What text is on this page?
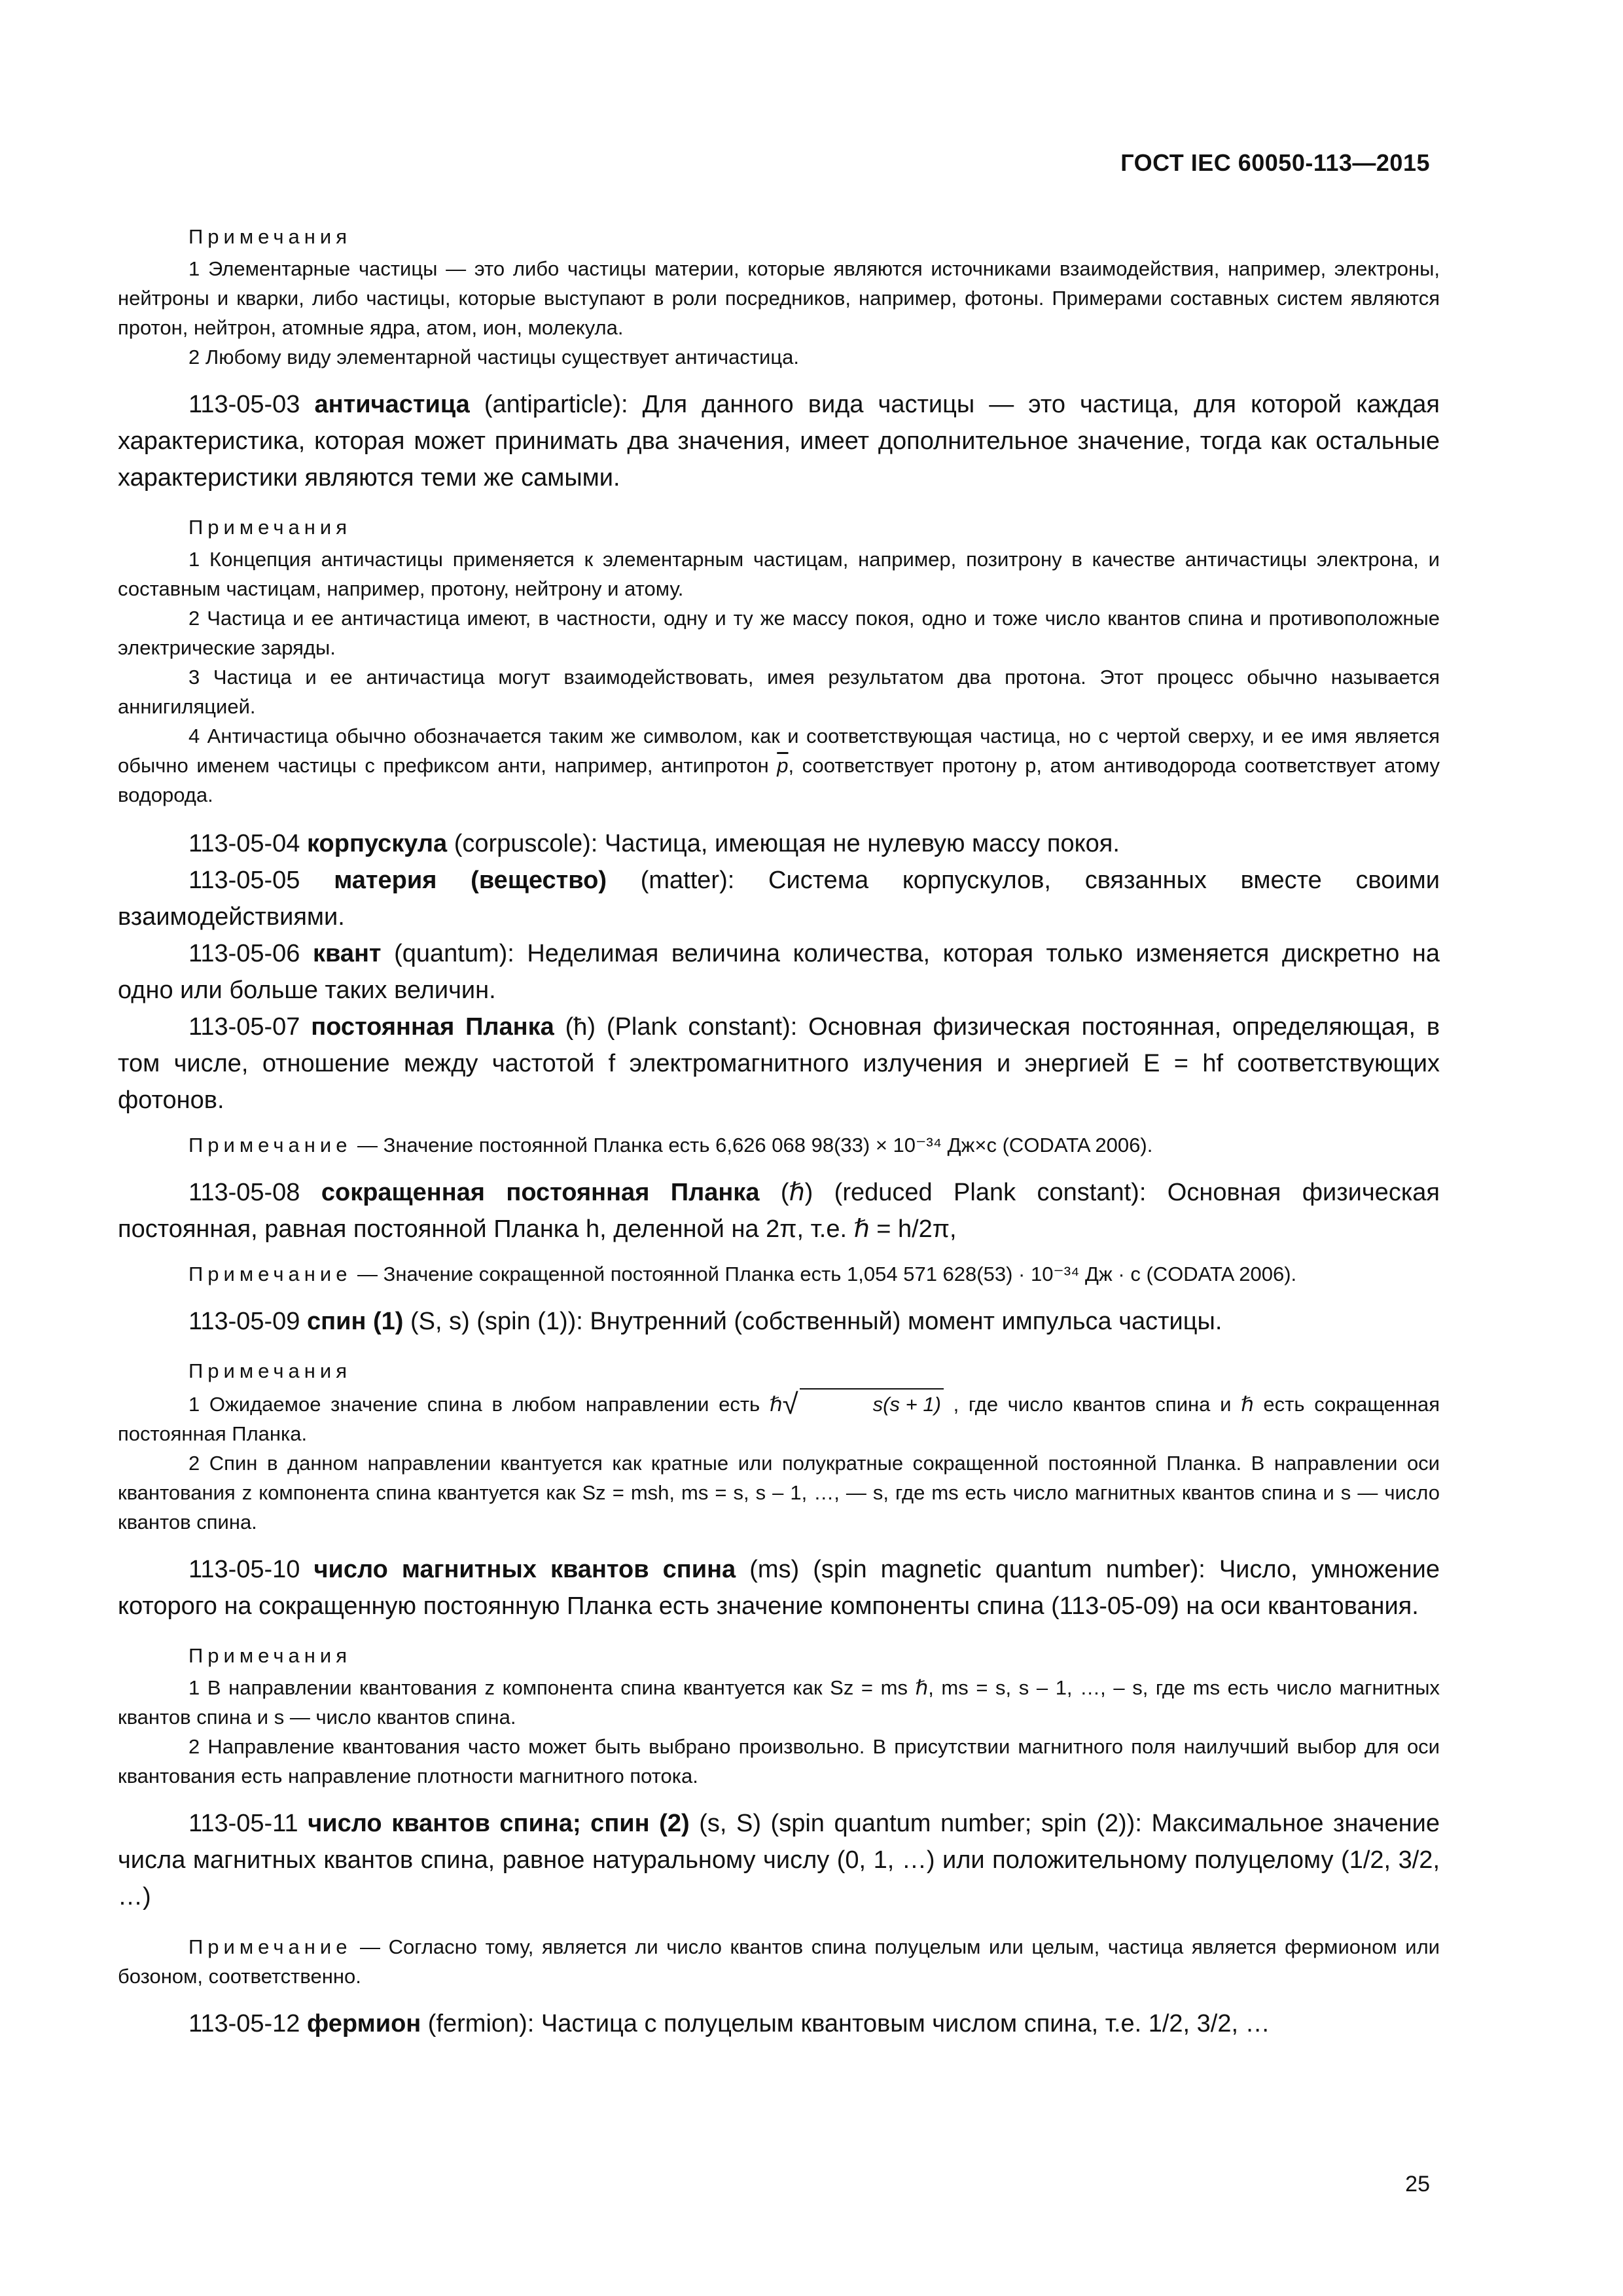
ГОСТ IEC 60050-113—2015
Примечания

1 Элементарные частицы — это либо частицы материи, которые являются источниками взаимодействия, например, электроны, нейтроны и кварки, либо частицы, которые выступают в роли посредников, например, фотоны. Примерами составных систем являются протон, нейтрон, атомные ядра, атом, ион, молекула.

2 Любому виду элементарной частицы существует античастица.

113-05-03 античастица (antiparticle): Для данного вида частицы — это частица, для которой каждая характеристика, которая может принимать два значения, имеет дополнительное значение, тогда как остальные характеристики являются теми же самыми.

Примечания

1 Концепция античастицы применяется к элементарным частицам, например, позитрону в качестве античастицы электрона, и составным частицам, например, протону, нейтрону и атому.

2 Частица и ее античастица имеют, в частности, одну и ту же массу покоя, одно и тоже число квантов спина и противоположные электрические заряды.

3 Частица и ее античастица могут взаимодействовать, имея результатом два протона. Этот процесс обычно называется аннигиляцией.

4 Античастица обычно обозначается таким же символом, как и соответствующая частица, но с чертой сверху, и ее имя является обычно именем частицы с префиксом анти, например, антипротон $\overline{p}$, соответствует протону p, атом антиводорода соответствует атому водорода.

113-05-04 корпускула (corpuscole): Частица, имеющая не нулевую массу покоя.

113-05-05 материя (вещество) (matter): Система корпускулов, связанных вместе своими взаимодействиями.

113-05-06 квант (quantum): Неделимая величина количества, которая только изменяется дискретно на одно или больше таких величин.

113-05-07 постоянная Планка (ħ) (Plank constant): Основная физическая постоянная, определяющая, в том числе, отношение между частотой f электромагнитного излучения и энергией E = hf соответствующих фотонов.

Примечание — Значение постоянной Планка есть 6,626 068 98(33) × 10⁻³⁴ Дж×с (CODATA 2006).

113-05-08 сокращенная постоянная Планка (ℏ) (reduced Plank constant): Основная физическая постоянная, равная постоянной Планка h, деленной на 2π, т.е. ℏ = h/2π,

Примечание — Значение сокращенной постоянной Планка есть 1,054 571 628(53) · 10⁻³⁴ Дж · с (CODATA 2006).

113-05-09 спин (1) (S, s) (spin (1)): Внутренний (собственный) момент импульса частицы.

Примечания

1 Ожидаемое значение спина в любом направлении есть ℏ√	s(s + 1) , где число квантов спина и ℏ есть сокращенная постоянная Планка.

2 Спин в данном направлении квантуется как кратные или полукратные сокращенной постоянной Планка. В направлении оси квантования z компонента спина квантуется как Sz = msh, ms = s, s – 1, …, — s, где ms есть число магнитных квантов спина и s — число квантов спина.

113-05-10 число магнитных квантов спина (ms) (spin magnetic quantum number): Число, умножение которого на сокращенную постоянную Планка есть значение компоненты спина (113-05-09) на оси квантования.

Примечания

1 В направлении квантования z компонента спина квантуется как Sz = ms ℏ, ms = s, s – 1, …, – s, где ms есть число магнитных квантов спина и s — число квантов спина.

2 Направление квантования часто может быть выбрано произвольно. В присутствии магнитного поля наилучший выбор для оси квантования есть направление плотности магнитного потока.

113-05-11 число квантов спина; спин (2) (s, S) (spin quantum number; spin (2)): Максимальное значение числа магнитных квантов спина, равное натуральному числу (0, 1, …) или положительному полуцелому (1/2, 3/2, …)

Примечание — Согласно тому, является ли число квантов спина полуцелым или целым, частица является фермионом или бозоном, соответственно.

113-05-12 фермион (fermion): Частица с полуцелым квантовым числом спина, т.е. 1/2, 3/2, …

25
